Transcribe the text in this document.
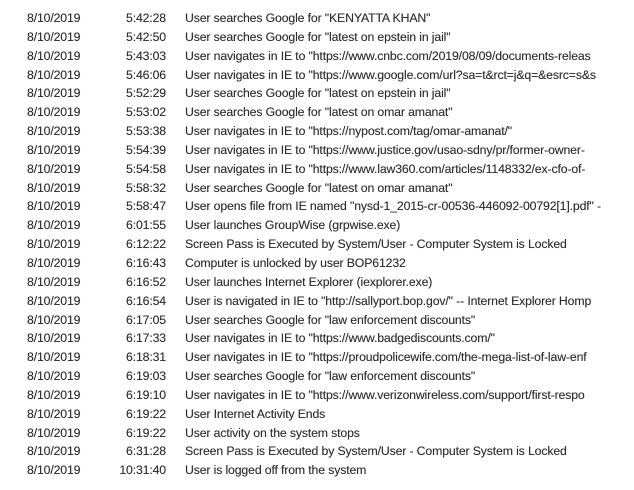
8/10/2019	5:42:28	User searches Google for "KENYATTA KHAN"
8/10/2019	5:42:50	User searches Google for "latest on epstein in jail"
8/10/2019	5:43:03	User navigates in IE to "https://www.cnbc.com/2019/08/09/documents-releas
8/10/2019	5:46:06	User navigates in IE to "https://www.google.com/url?sa=t&rct=j&q=&esrc=s&s
8/10/2019	5:52:29	User searches Google for "latest on epstein in jail"
8/10/2019	5:53:02	User searches Google for "latest on omar amanat"
8/10/2019	5:53:38	User navigates in IE to "https://nypost.com/tag/omar-amanat/"
8/10/2019	5:54:39	User navigates in IE to "https://www.justice.gov/usao-sdny/pr/former-owner-
8/10/2019	5:54:58	User navigates in IE to "https://www.law360.com/articles/1148332/ex-cfo-of-
8/10/2019	5:58:32	User searches Google for "latest on omar amanat"
8/10/2019	5:58:47	User opens file from IE named "nysd-1_2015-cr-00536-446092-00792[1].pdf" -
8/10/2019	6:01:55	User launches GroupWise (grpwise.exe)
8/10/2019	6:12:22	Screen Pass is Executed by System/User - Computer System is Locked
8/10/2019	6:16:43	Computer is unlocked by user BOP61232
8/10/2019	6:16:52	User launches Internet Explorer (iexplorer.exe)
8/10/2019	6:16:54	User is navigated in IE to "http://sallyport.bop.gov/" -- Internet Explorer Homp
8/10/2019	6:17:05	User searches Google for "law enforcement discounts"
8/10/2019	6:17:33	User navigates in IE to "https://www.badgediscounts.com/"
8/10/2019	6:18:31	User navigates in IE to "https://proudpolicewife.com/the-mega-list-of-law-enf
8/10/2019	6:19:03	User searches Google for "law enforcement discounts"
8/10/2019	6:19:10	User navigates in IE to "https://www.verizonwireless.com/support/first-respo
8/10/2019	6:19:22	User Internet Activity Ends
8/10/2019	6:19:22	User activity on the system stops
8/10/2019	6:31:28	Screen Pass is Executed by System/User - Computer System is Locked
8/10/2019	10:31:40	User is logged off from the system
